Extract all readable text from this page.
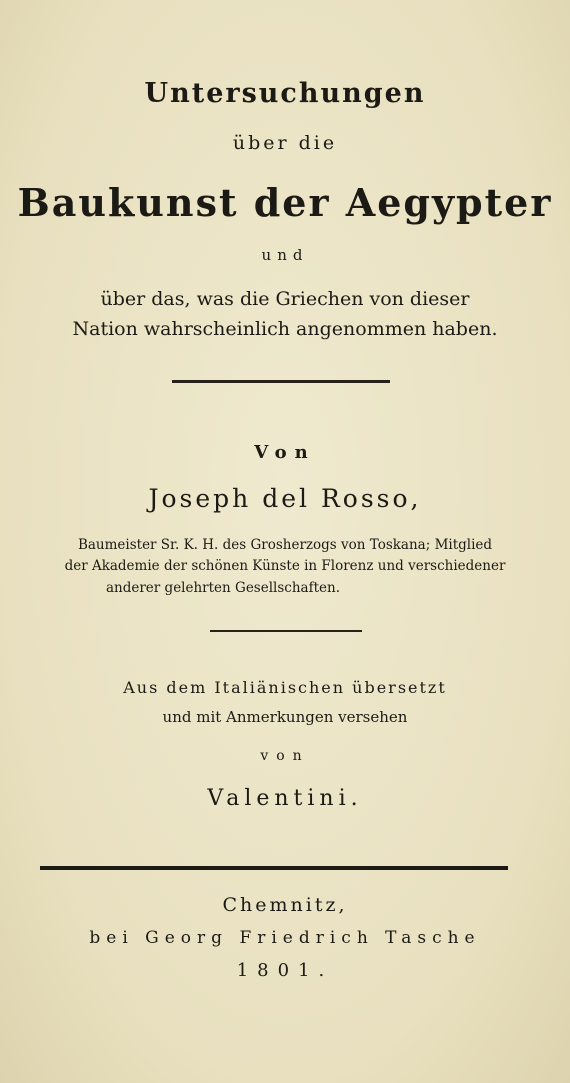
Untersuchungen
über die
Baukunst der Aegypter
und
über das, was die Griechen von dieser
Nation wahrscheinlich angenommen haben.
Von
Joseph del Rosso,
Baumeister Sr. K. H. des Grosherzogs von Toskana; Mitglied
der Akademie der schönen Künste in Florenz und verschiedener
anderer gelehrten Gesellschaften.
Aus dem Italiänischen übersetzt
und mit Anmerkungen versehen
von
Valentini.
Chemnitz,
bei Georg Friedrich Tasche
1801.
